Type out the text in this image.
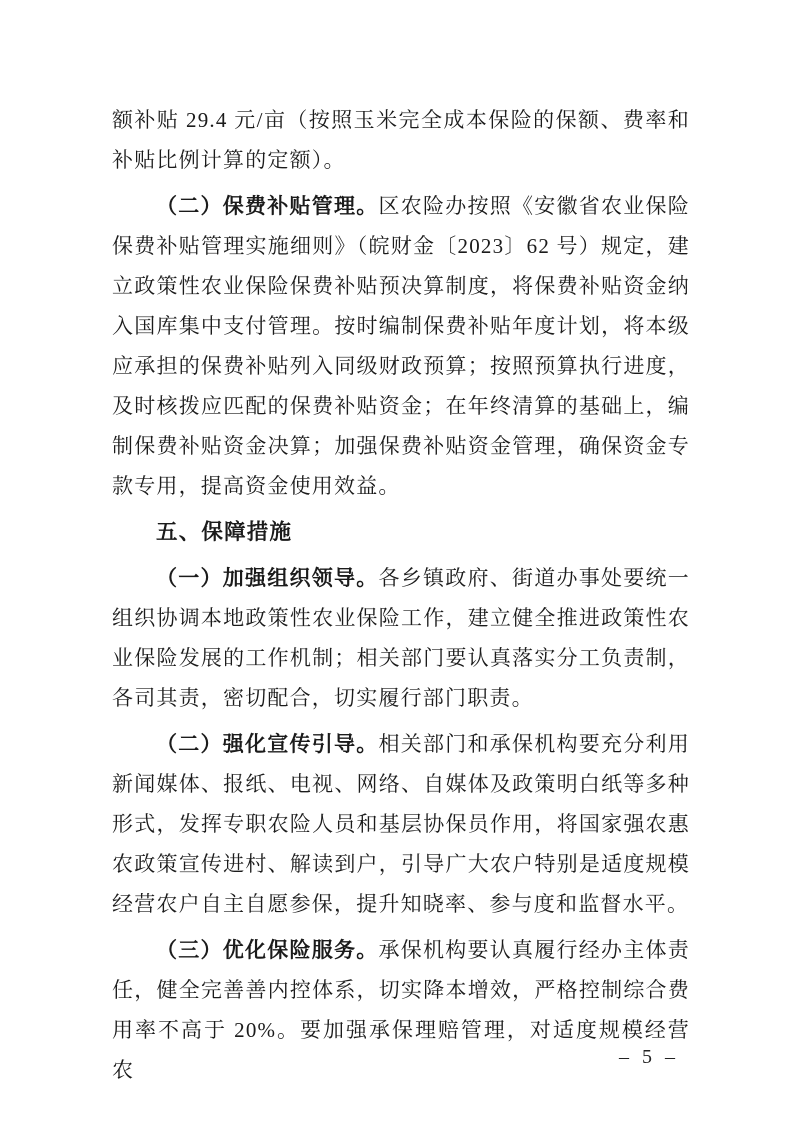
额补贴 29.4 元/亩（按照玉米完全成本保险的保额、费率和
补贴比例计算的定额）。
（二）保费补贴管理。区农险办按照《安徽省农业保险
保费补贴管理实施细则》（皖财金〔2023〕62 号）规定，建
立政策性农业保险保费补贴预决算制度，将保费补贴资金纳
入国库集中支付管理。按时编制保费补贴年度计划，将本级
应承担的保费补贴列入同级财政预算；按照预算执行进度，
及时核拨应匹配的保费补贴资金；在年终清算的基础上，编
制保费补贴资金决算；加强保费补贴资金管理，确保资金专
款专用，提高资金使用效益。
五、保障措施
（一）加强组织领导。各乡镇政府、街道办事处要统一
组织协调本地政策性农业保险工作，建立健全推进政策性农
业保险发展的工作机制；相关部门要认真落实分工负责制，
各司其责，密切配合，切实履行部门职责。
（二）强化宣传引导。相关部门和承保机构要充分利用
新闻媒体、报纸、电视、网络、自媒体及政策明白纸等多种
形式，发挥专职农险人员和基层协保员作用，将国家强农惠
农政策宣传进村、解读到户，引导广大农户特别是适度规模
经营农户自主自愿参保，提升知晓率、参与度和监督水平。
（三）优化保险服务。承保机构要认真履行经办主体责
任，健全完善善内控体系，切实降本增效，严格控制综合费
用率不高于 20%。要加强承保理赔管理，对适度规模经营农
– 5 –
